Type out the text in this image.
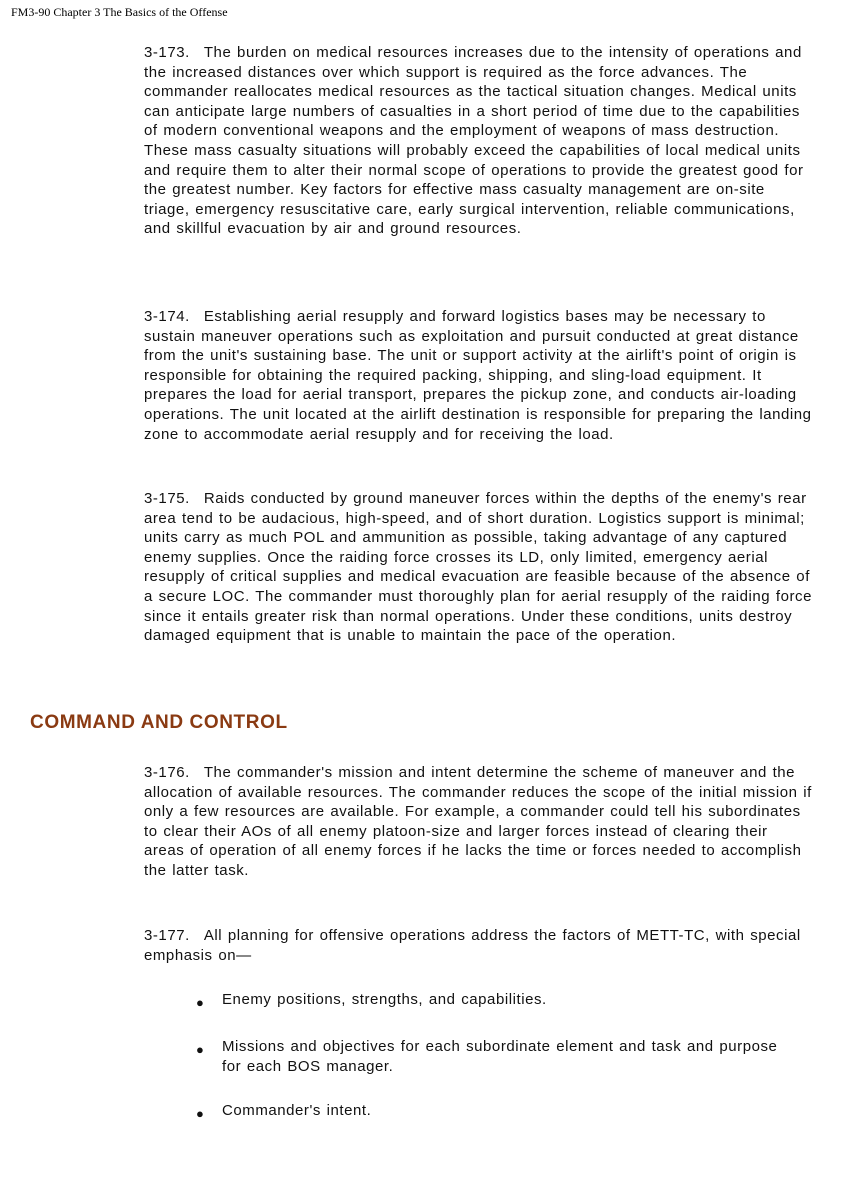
FM3-90 Chapter 3 The Basics of the Offense

3-173. The burden on medical resources increases due to the intensity of operations and the increased distances over which support is required as the force advances. The commander reallocates medical resources as the tactical situation changes. Medical units can anticipate large numbers of casualties in a short period of time due to the capabilities of modern conventional weapons and the employment of weapons of mass destruction. These mass casualty situations will probably exceed the capabilities of local medical units and require them to alter their normal scope of operations to provide the greatest good for the greatest number. Key factors for effective mass casualty management are on-site triage, emergency resuscitative care, early surgical intervention, reliable communications, and skillful evacuation by air and ground resources.

3-174. Establishing aerial resupply and forward logistics bases may be necessary to sustain maneuver operations such as exploitation and pursuit conducted at great distance from the unit's sustaining base. The unit or support activity at the airlift's point of origin is responsible for obtaining the required packing, shipping, and sling-load equipment. It prepares the load for aerial transport, prepares the pickup zone, and conducts air-loading operations. The unit located at the airlift destination is responsible for preparing the landing zone to accommodate aerial resupply and for receiving the load.

3-175. Raids conducted by ground maneuver forces within the depths of the enemy's rear area tend to be audacious, high-speed, and of short duration. Logistics support is minimal; units carry as much POL and ammunition as possible, taking advantage of any captured enemy supplies. Once the raiding force crosses its LD, only limited, emergency aerial resupply of critical supplies and medical evacuation are feasible because of the absence of a secure LOC. The commander must thoroughly plan for aerial resupply of the raiding force since it entails greater risk than normal operations. Under these conditions, units destroy damaged equipment that is unable to maintain the pace of the operation.

COMMAND AND CONTROL

3-176. The commander's mission and intent determine the scheme of maneuver and the allocation of available resources. The commander reduces the scope of the initial mission if only a few resources are available. For example, a commander could tell his subordinates to clear their AOs of all enemy platoon-size and larger forces instead of clearing their areas of operation of all enemy forces if he lacks the time or forces needed to accomplish the latter task.

3-177. All planning for offensive operations address the factors of METT-TC, with special emphasis on—

● Enemy positions, strengths, and capabilities.
● Missions and objectives for each subordinate element and task and purpose for each BOS manager.
● Commander's intent.
